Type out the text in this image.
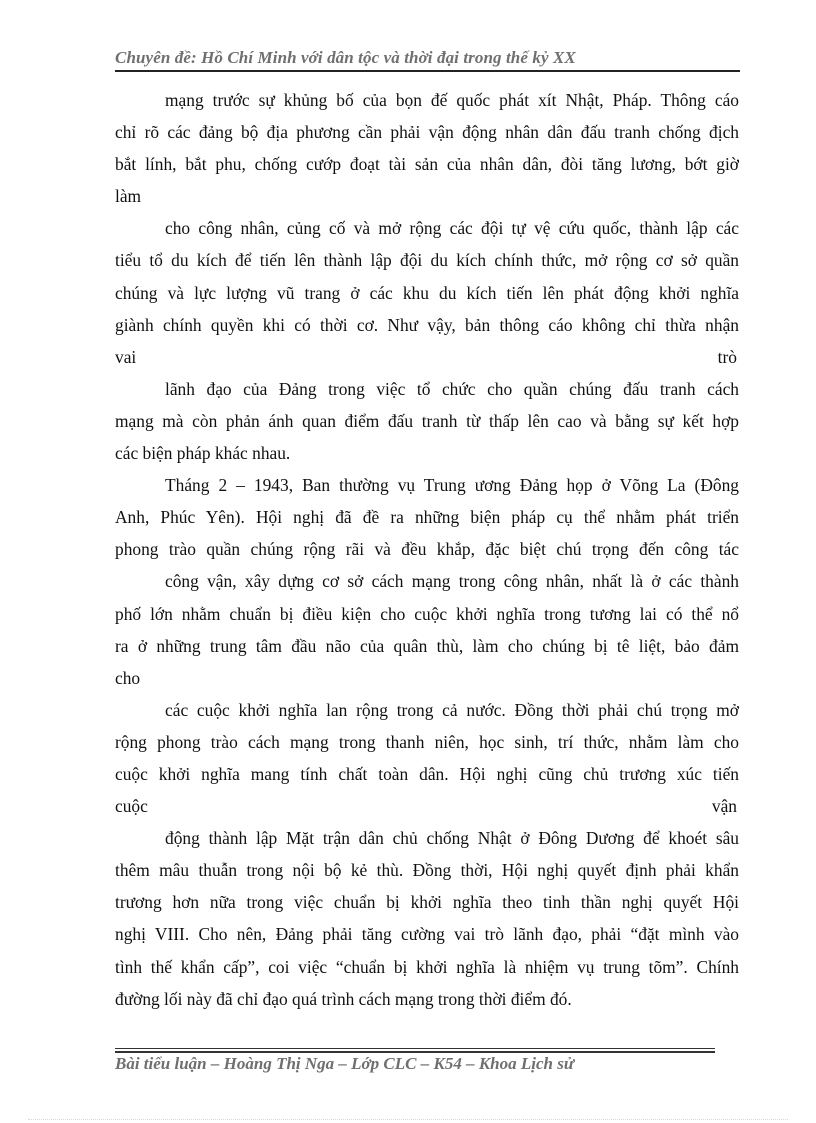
Chuyên đề: Hồ Chí Minh với dân tộc và thời đại trong thế kỷ XX
mạng trước sự khủng bố của bọn đế quốc phát xít Nhật, Pháp. Thông cáo
chỉ rõ các đảng bộ địa phương cần phải vận động nhân dân đấu tranh chống địch
bắt lính, bắt phu, chống cướp đoạt tài sản của nhân dân, đòi tăng lương, bớt giờ
làm
cho công nhân, củng cố và mở rộng các đội tự vệ cứu quốc, thành lập các
tiểu tổ du kích để tiến lên thành lập đội du kích chính thức, mở rộng cơ sở quần
chúng và lực lượng vũ trang ở các khu du kích tiến lên phát động khởi nghĩa
giành chính quyền khi có thời cơ. Như vậy, bản thông cáo không chỉ thừa nhận
vai	trò
lãnh đạo của Đảng trong việc tổ chức cho quần chúng đấu tranh cách
mạng mà còn phản ánh quan điểm đấu tranh từ thấp lên cao và bằng sự kết hợp
các biện pháp khác nhau.
Tháng 2 – 1943, Ban thường vụ Trung ương Đảng họp ở Võng La (Đông
Anh, Phúc Yên). Hội nghị đã đề ra những biện pháp cụ thể nhằm phát triển
phong trào quần chúng rộng rãi và đều khắp, đặc biệt chú trọng đến công tác
công vận, xây dựng cơ sở cách mạng trong công nhân, nhất là ở các thành
phố lớn nhằm chuẩn bị điều kiện cho cuộc khởi nghĩa trong tương lai có thể nổ
ra ở những trung tâm đầu não của quân thù, làm cho chúng bị tê liệt, bảo đảm
cho
các cuộc khởi nghĩa lan rộng trong cả nước. Đồng thời phải chú trọng mở
rộng phong trào cách mạng trong thanh niên, học sinh, trí thức, nhằm làm cho
cuộc khởi nghĩa mang tính chất toàn dân. Hội nghị cũng chủ trương xúc tiến
cuộc	vận
động thành lập Mặt trận dân chủ chống Nhật ở Đông Dương để khoét sâu
thêm mâu thuẫn trong nội bộ kẻ thù. Đồng thời, Hội nghị quyết định phải khẩn
trương hơn nữa trong việc chuẩn bị khởi nghĩa theo tinh thần nghị quyết Hội
nghị VIII. Cho nên, Đảng phải tăng cường vai trò lãnh đạo, phải “đặt mình vào
tình thế khẩn cấp”, coi việc “chuẩn bị khởi nghĩa là nhiệm vụ trung tõm”. Chính
đường lối này đã chỉ đạo quá trình cách mạng trong thời điểm đó.
Bài tiểu luận – Hoàng Thị Nga – Lớp CLC – K54 – Khoa Lịch sử
